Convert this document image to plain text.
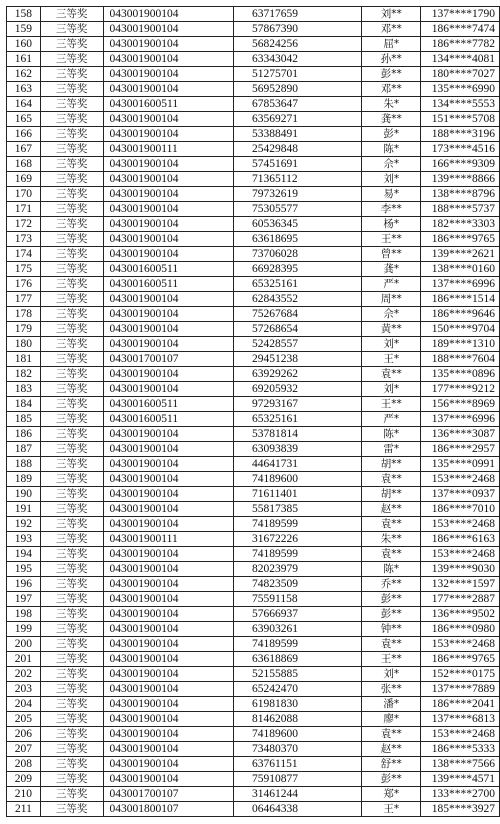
158	三等奖	043001900104	63717659	刘**	137****1790
159	三等奖	043001900104	57867390	邓**	186****7474
160	三等奖	043001900104	56824256	屈*	186****7782
161	三等奖	043001900104	63343042	孙**	134****4081
162	三等奖	043001900104	51275701	彭**	180****7027
163	三等奖	043001900104	56952890	邓**	135****6990
164	三等奖	043001600511	67853647	朱*	134****5553
165	三等奖	043001900104	63569271	龚**	151****5708
166	三等奖	043001900104	53388491	彭*	188****3196
167	三等奖	043001900111	25429848	陈*	173****4516
168	三等奖	043001900104	57451691	佘*	166****9309
169	三等奖	043001900104	71365112	刘*	139****8866
170	三等奖	043001900104	79732619	易*	138****8796
171	三等奖	043001900104	75305577	李**	188****5737
172	三等奖	043001900104	60536345	杨*	182****3303
173	三等奖	043001900104	63618695	王**	186****9765
174	三等奖	043001900104	73706028	曾**	139****2621
175	三等奖	043001600511	66928395	龚*	138****0160
176	三等奖	043001600511	65325161	严*	137****6996
177	三等奖	043001900104	62843552	周**	186****1514
178	三等奖	043001900104	75267684	佘*	186****9646
179	三等奖	043001900104	57268654	黄**	150****9704
180	三等奖	043001900104	52428557	刘*	189****1310
181	三等奖	043001700107	29451238	王*	188****7604
182	三等奖	043001900104	63929262	袁**	135****0896
183	三等奖	043001900104	69205932	刘*	177****9212
184	三等奖	043001600511	97293167	王**	156****8969
185	三等奖	043001600511	65325161	严*	137****6996
186	三等奖	043001900104	53781814	陈*	136****3087
187	三等奖	043001900104	63093839	雷*	186****2957
188	三等奖	043001900104	44641731	胡**	135****0991
189	三等奖	043001900104	74189600	袁**	153****2468
190	三等奖	043001900104	71611401	胡**	137****0937
191	三等奖	043001900104	55817385	赵**	186****7010
192	三等奖	043001900104	74189599	袁**	153****2468
193	三等奖	043001900111	31672226	朱**	186****6163
194	三等奖	043001900104	74189599	袁**	153****2468
195	三等奖	043001900104	82023979	陈*	139****9030
196	三等奖	043001900104	74823509	乔**	132****1597
197	三等奖	043001900104	75591158	彭**	177****2887
198	三等奖	043001900104	57666937	彭**	136****9502
199	三等奖	043001900104	63903261	钟**	186****0980
200	三等奖	043001900104	74189599	袁**	153****2468
201	三等奖	043001900104	63618869	王**	186****9765
202	三等奖	043001900104	52155885	刘*	152****0175
203	三等奖	043001900104	65242470	张**	137****7889
204	三等奖	043001900104	61981830	潘*	186****2041
205	三等奖	043001900104	81462088	廖*	137****6813
206	三等奖	043001900104	74189600	袁**	153****2468
207	三等奖	043001900104	73480370	赵**	186****5333
208	三等奖	043001900104	63761151	舒**	138****7566
209	三等奖	043001900104	75910877	彭**	139****4571
210	三等奖	043001700107	31461244	郑*	133****2700
211	三等奖	043001800107	06464338	王*	185****3927
